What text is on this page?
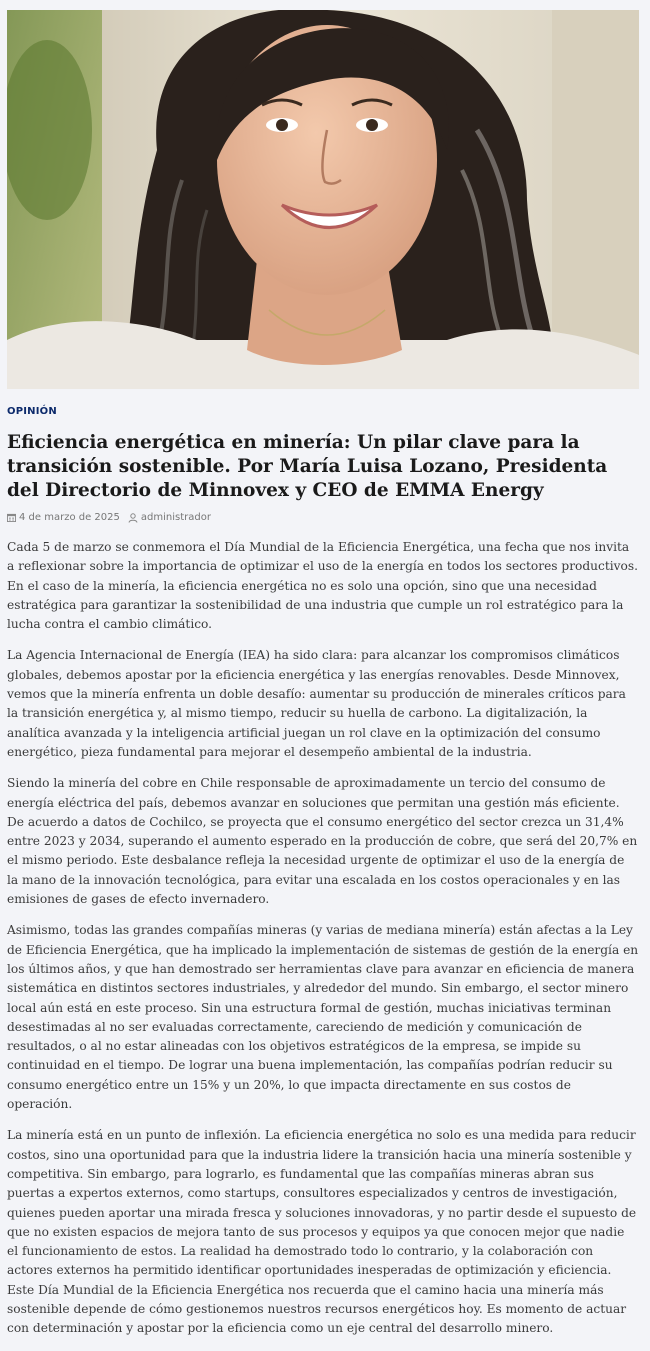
OPINIÓN
Eficiencia energética en minería: Un pilar clave para la transición sostenible. Por María Luisa Lozano, Presidenta del Directorio de Minnovex y CEO de EMMA Energy
4 de marzo de 2025 administrador

Cada 5 de marzo se conmemora el Día Mundial de la Eficiencia Energética, una fecha que nos invita a reflexionar sobre la importancia de optimizar el uso de la energía en todos los sectores productivos. En el caso de la minería, la eficiencia energética no es solo una opción, sino que una necesidad estratégica para garantizar la sostenibilidad de una industria que cumple un rol estratégico para la lucha contra el cambio climático.

La Agencia Internacional de Energía (IEA) ha sido clara: para alcanzar los compromisos climáticos globales, debemos apostar por la eficiencia energética y las energías renovables. Desde Minnovex, vemos que la minería enfrenta un doble desafío: aumentar su producción de minerales críticos para la transición energética y, al mismo tiempo, reducir su huella de carbono. La digitalización, la analítica avanzada y la inteligencia artificial juegan un rol clave en la optimización del consumo energético, pieza fundamental para mejorar el desempeño ambiental de la industria.

Siendo la minería del cobre en Chile responsable de aproximadamente un tercio del consumo de energía eléctrica del país, debemos avanzar en soluciones que permitan una gestión más eficiente. De acuerdo a datos de Cochilco, se proyecta que el consumo energético del sector crezca un 31,4% entre 2023 y 2034, superando el aumento esperado en la producción de cobre, que será del 20,7% en el mismo periodo. Este desbalance refleja la necesidad urgente de optimizar el uso de la energía de la mano de la innovación tecnológica, para evitar una escalada en los costos operacionales y en las emisiones de gases de efecto invernadero.

Asimismo, todas las grandes compañías mineras (y varias de mediana minería) están afectas a la Ley de Eficiencia Energética, que ha implicado la implementación de sistemas de gestión de la energía en los últimos años, y que han demostrado ser herramientas clave para avanzar en eficiencia de manera sistemática en distintos sectores industriales, y alrededor del mundo. Sin embargo, el sector minero local aún está en este proceso. Sin una estructura formal de gestión, muchas iniciativas terminan desestimadas al no ser evaluadas correctamente, careciendo de medición y comunicación de resultados, o al no estar alineadas con los objetivos estratégicos de la empresa, se impide su continuidad en el tiempo. De lograr una buena implementación, las compañías podrían reducir su consumo energético entre un 15% y un 20%, lo que impacta directamente en sus costos de operación.

La minería está en un punto de inflexión. La eficiencia energética no solo es una medida para reducir costos, sino una oportunidad para que la industria lidere la transición hacia una minería sostenible y competitiva. Sin embargo, para lograrlo, es fundamental que las compañías mineras abran sus puertas a expertos externos, como startups, consultores especializados y centros de investigación, quienes pueden aportar una mirada fresca y soluciones innovadoras, y no partir desde el supuesto de que no existen espacios de mejora tanto de sus procesos y equipos ya que conocen mejor que nadie el funcionamiento de estos. La realidad ha demostrado todo lo contrario, y la colaboración con actores externos ha permitido identificar oportunidades inesperadas de optimización y eficiencia. Este Día Mundial de la Eficiencia Energética nos recuerda que el camino hacia una minería más sostenible depende de cómo gestionemos nuestros recursos energéticos hoy. Es momento de actuar con determinación y apostar por la eficiencia como un eje central del desarrollo minero.
